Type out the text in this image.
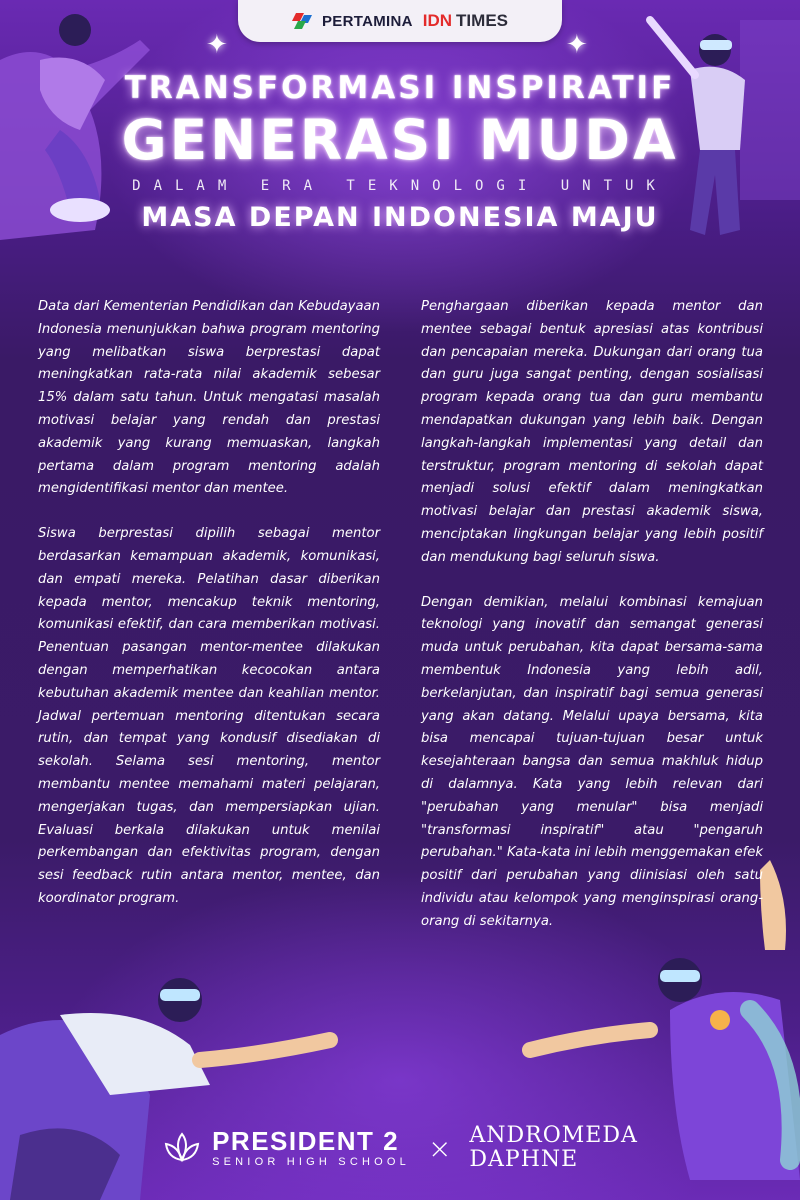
✦	✦
PERTAMINA IDN TIMES
TRANSFORMASI INSPIRATIF
GENERASI MUDA
DALAM ERA TEKNOLOGI UNTUK
MASA DEPAN INDONESIA MAJU

Data dari Kementerian Pendidikan dan Kebudayaan Indonesia menunjukkan bahwa program mentoring yang melibatkan siswa berprestasi dapat meningkatkan rata-rata nilai akademik sebesar 15% dalam satu tahun. Untuk mengatasi masalah motivasi belajar yang rendah dan prestasi akademik yang kurang memuaskan, langkah pertama dalam program mentoring adalah mengidentifikasi mentor dan mentee.

Siswa berprestasi dipilih sebagai mentor berdasarkan kemampuan akademik, komunikasi, dan empati mereka. Pelatihan dasar diberikan kepada mentor, mencakup teknik mentoring, komunikasi efektif, dan cara memberikan motivasi. Penentuan pasangan mentor-mentee dilakukan dengan memperhatikan kecocokan antara kebutuhan akademik mentee dan keahlian mentor. Jadwal pertemuan mentoring ditentukan secara rutin, dan tempat yang kondusif disediakan di sekolah. Selama sesi mentoring, mentor membantu mentee memahami materi pelajaran, mengerjakan tugas, dan mempersiapkan ujian. Evaluasi berkala dilakukan untuk menilai perkembangan dan efektivitas program, dengan sesi feedback rutin antara mentor, mentee, dan koordinator program.

Penghargaan diberikan kepada mentor dan mentee sebagai bentuk apresiasi atas kontribusi dan pencapaian mereka. Dukungan dari orang tua dan guru juga sangat penting, dengan sosialisasi program kepada orang tua dan guru membantu mendapatkan dukungan yang lebih baik. Dengan langkah-langkah implementasi yang detail dan terstruktur, program mentoring di sekolah dapat menjadi solusi efektif dalam meningkatkan motivasi belajar dan prestasi akademik siswa, menciptakan lingkungan belajar yang lebih positif dan mendukung bagi seluruh siswa.

Dengan demikian, melalui kombinasi kemajuan teknologi yang inovatif dan semangat generasi muda untuk perubahan, kita dapat bersama-sama membentuk Indonesia yang lebih adil, berkelanjutan, dan inspiratif bagi semua generasi yang akan datang. Melalui upaya bersama, kita bisa mencapai tujuan-tujuan besar untuk kesejahteraan bangsa dan semua makhluk hidup di dalamnya. Kata yang lebih relevan dari "perubahan yang menular" bisa menjadi "transformasi inspiratif" atau "pengaruh perubahan." Kata-kata ini lebih menggemakan efek positif dari perubahan yang diinisiasi oleh satu individu atau kelompok yang menginspirasi orang-orang di sekitarnya.

PRESIDENT 2
SENIOR HIGH SCHOOL × ANDROMEDA
DAPHNE
